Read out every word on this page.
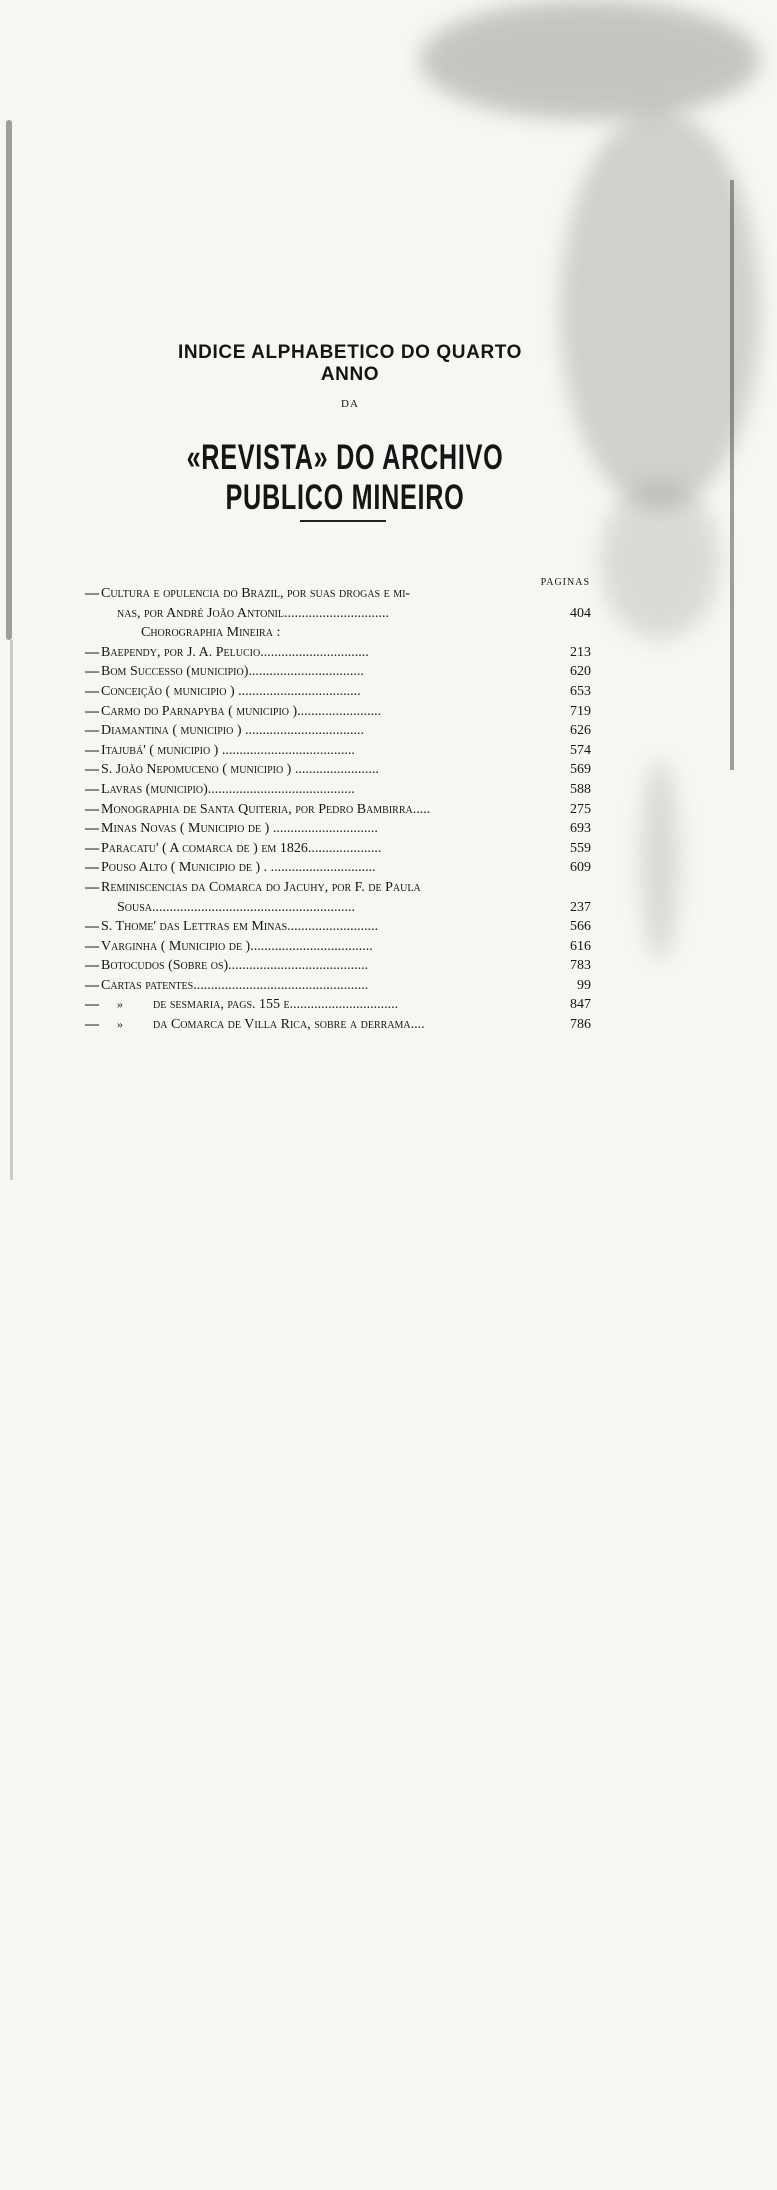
INDICE ALPHABETICO DO QUARTO ANNO
DA
«REVISTA» DO ARCHIVO PUBLICO MINEIRO
PAGINAS
— Cultura e opulencia do Brazil, por suas drogas e mi-
nas, por André João Antonil..............................	404
Chorographia Mineira :
— Baependy, por J. A. Pelucio...............................	213
— Bom Successo (municipio).................................	620
— Conceição ( municipio ) ...................................	653
— Carmo do Parnapyba ( municipio )........................	719
— Diamantina ( municipio ) ..................................	626
— Itajubá' ( municipio ) ......................................	574
— S. João Nepomuceno ( municipio ) ........................	569
— Lavras (municipio)..........................................	588
— Monographia de Santa Quiteria, por Pedro Bambirra.....	275
— Minas Novas ( Municipio de ) ..............................	693
— Paracatu' ( A comarca de ) em 1826.....................	559
— Pouso Alto ( Municipio de ) . ..............................	609
— Reminiscencias da Comarca do Jacuhy, por F. de Paula
Sousa..........................................................	237
— S. Thome' das Lettras em Minas..........................	566
— Varginha ( Municipio de )...................................	616
— Botocudos (Sobre os)........................................	783
— Cartas patentes..................................................	99
— » de sesmaria, pags. 155 e...............................	847
— » da Comarca de Villa Rica, sobre a derrama....	786
